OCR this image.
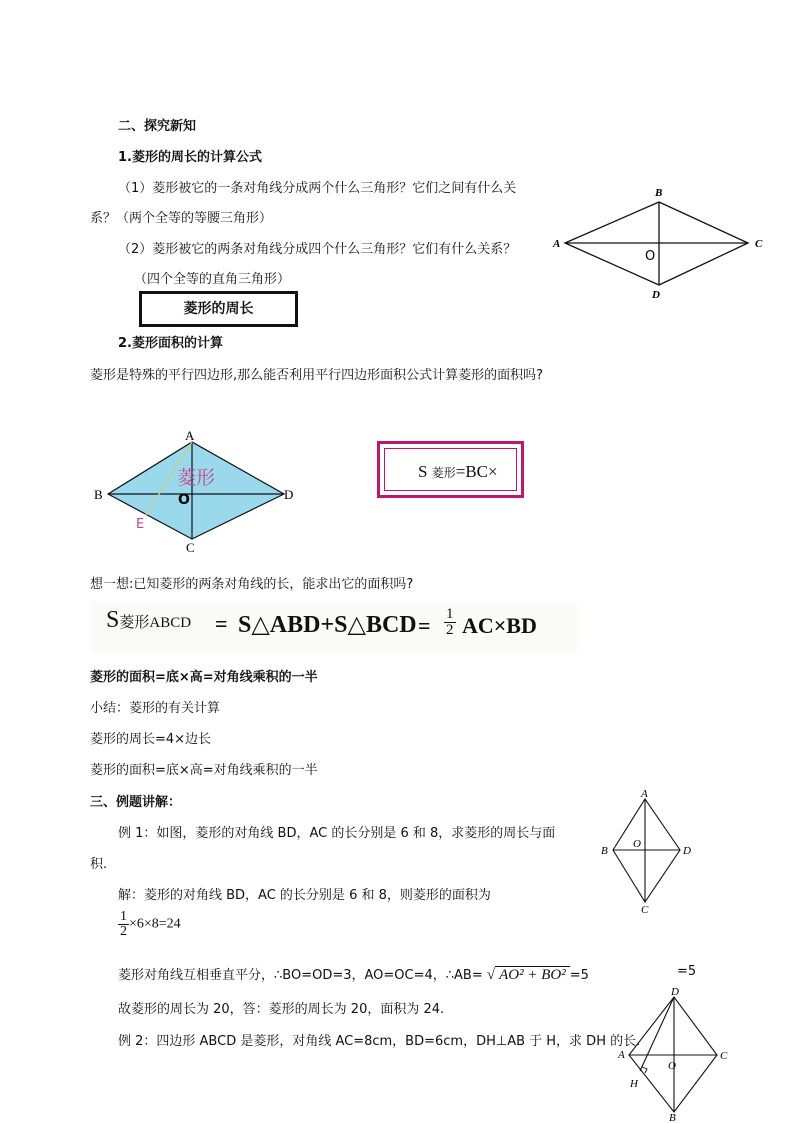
二、探究新知
1.菱形的周长的计算公式
（1）菱形被它的一条对角线分成两个什么三角形？它们之间有什么关
系？（两个全等的等腰三角形）
（2）菱形被它的两条对角线分成四个什么三角形？它们有什么关系？
（四个全等的直角三角形）
菱形的周长
2.菱形面积的计算
菱形是特殊的平行四边形,那么能否利用平行四边形面积公式计算菱形的面积吗?
B
A	C
D
O
A
B	D
C
O
E
菱形	S 菱形=BC×
想一想:已知菱形的两条对角线的长，能求出它的面积吗?
S菱形ABCD = S△ABD+S△BCD = $\frac{1}{2} AC\times BD$
菱形的面积=底×高=对角线乘积的一半
小结：菱形的有关计算
菱形的周长=4×边长
菱形的面积=底×高=对角线乘积的一半
三、例题讲解：
例 1：如图，菱形的对角线 BD，AC 的长分别是 6 和 8，求菱形的周长与面
积.
解：菱形的对角线 BD，AC 的长分别是 6 和 8，则菱形的面积为
$\frac{1}{2} \times 6\times 8=24$
菱形对角线互相垂直平分，∴BO=OD=3，AO=OC=4，∴AB= √ AO² + BO² =5	=5
故菱形的周长为 20，答：菱形的周长为 20，面积为 24.
例 2：四边形 ABCD 是菱形，对角线 AC=8cm，BD=6cm，DH⊥AB 于 H，求 DH 的长.
A
B	D
C
O
D
A	C
B
O
H
